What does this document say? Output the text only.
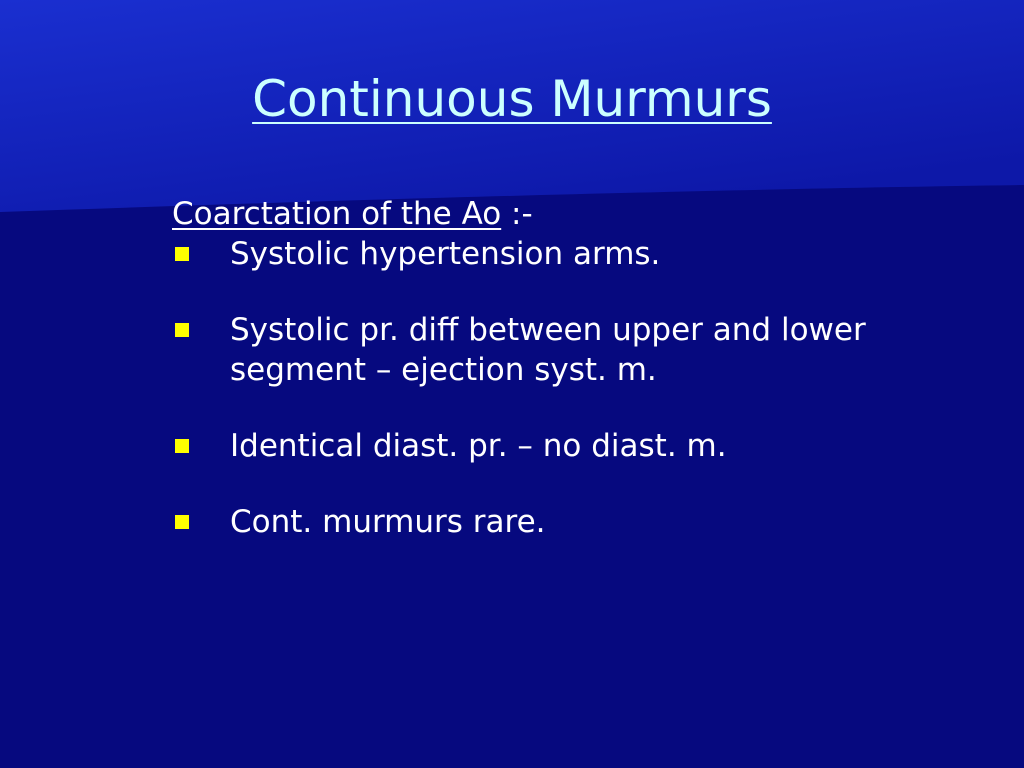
Continuous Murmurs

Coarctation of the Ao :-

Systolic hypertension arms.
Systolic pr. diff between upper and lower segment – ejection syst. m.
Identical diast. pr. – no diast. m.
Cont. murmurs rare.
